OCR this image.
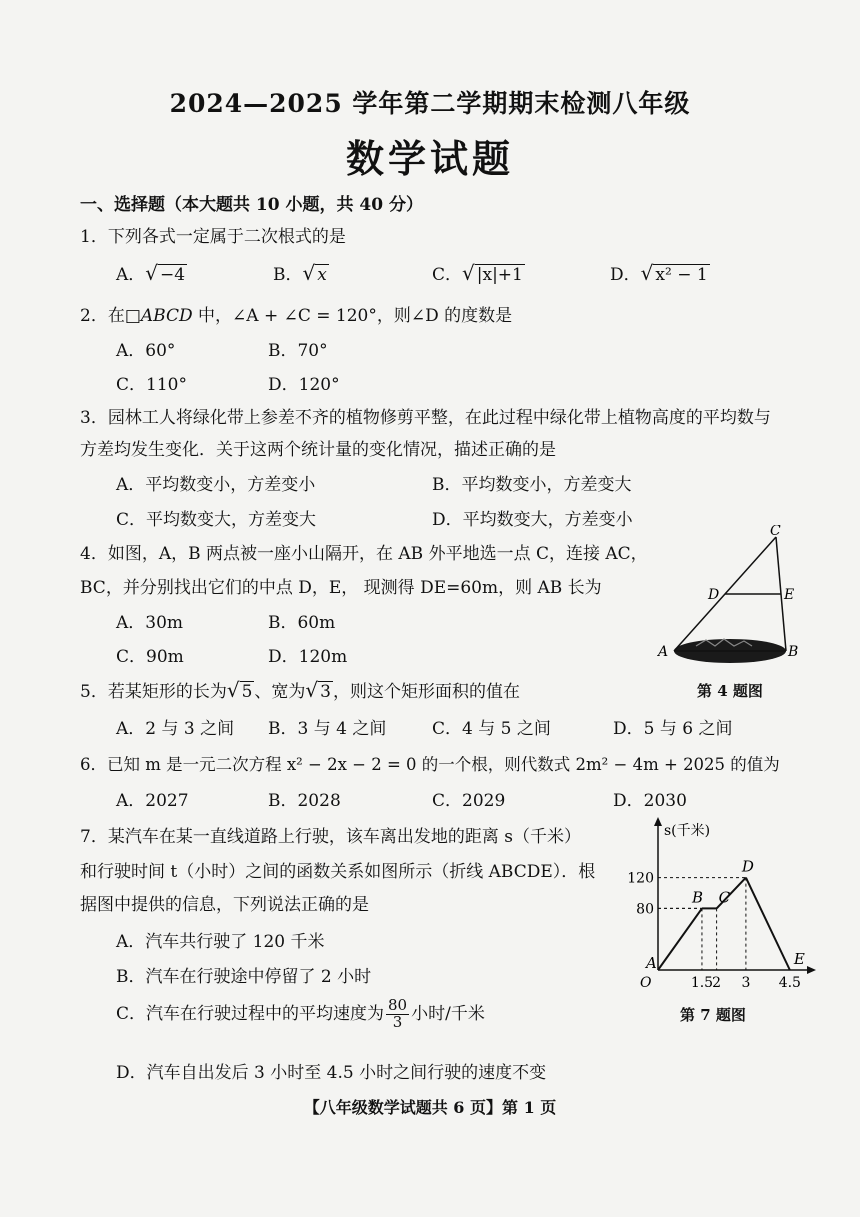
2024—2025 学年第二学期期末检测八年级
数学试题
一、选择题（本大题共 10 小题，共 40 分）
1．下列各式一定属于二次根式的是
A．√ −4	B．√ x	C．√ |x|+1	D．√ x² − 1
2．在□ABCD 中，∠A + ∠C = 120°，则∠D 的度数是
A．60°	B．70°
C．110°	D．120°
3．园林工人将绿化带上参差不齐的植物修剪平整，在此过程中绿化带上植物高度的平均数与
方差均发生变化．关于这两个统计量的变化情况，描述正确的是
A．平均数变小，方差变小	B．平均数变小，方差变大
C．平均数变大，方差变大	D．平均数变大，方差变小
4．如图，A，B 两点被一座小山隔开，在 AB 外平地选一点 C，连接 AC，
BC，并分别找出它们的中点 D，E， 现测得 DE=60m，则 AB 长为
A．30m	B．60m
C．90m	D．120m
C
D	E
A	B
第 4 题图
5．若某矩形的长为√ 5 、宽为√ 3 ，则这个矩形面积的值在
A．2 与 3 之间 B．3 与 4 之间	C．4 与 5 之间	D．5 与 6 之间
6．已知 m 是一元二次方程 x² − 2x − 2 = 0 的一个根，则代数式 2m² − 4m + 2025 的值为
A．2027	B．2028	C．2029	D．2030
7．某汽车在某一直线道路上行驶，该车离出发地的距离 s（千米）
和行驶时间 t（小时）之间的函数关系如图所示（折线 ABCDE）．根
据图中提供的信息，下列说法正确的是
A．汽车共行驶了 120 千米
B．汽车在行驶途中停留了 2 小时
C．汽车在行驶过程中的平均速度为 $\frac{80}{3}$ 小时/千米
D．汽车自出发后 3 小时至 4.5 小时之间行驶的速度不变
s(千米)
O
A
B C
D
E
1.5 2 3 4.5
80
120
第 7 题图
【八年级数学试题共 6 页】第 1 页
